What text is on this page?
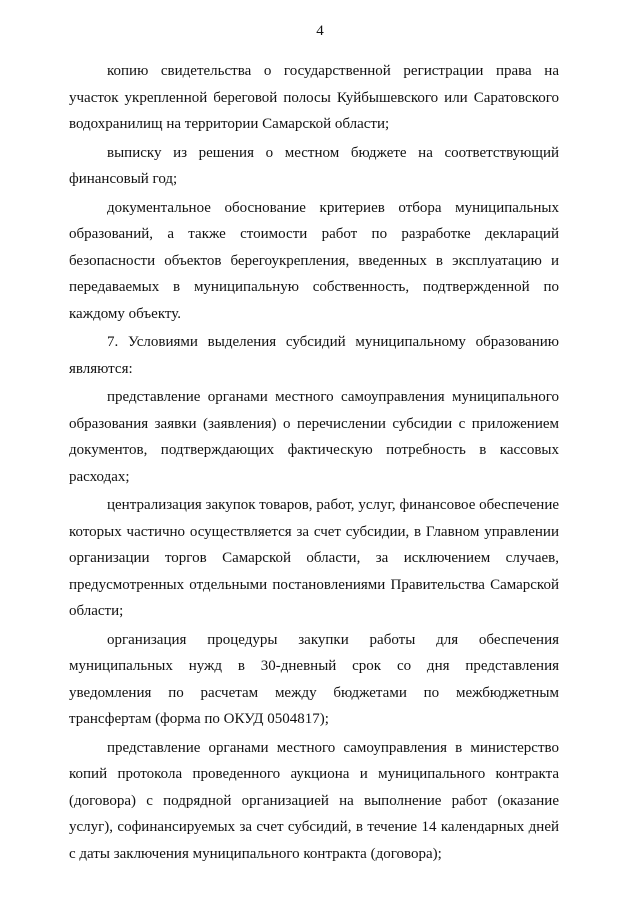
4

копию свидетельства о государственной регистрации права на участок укрепленной береговой полосы Куйбышевского или Саратовского водохранилищ на территории Самарской области;

выписку из решения о местном бюджете на соответствующий финансовый год;

документальное обоснование критериев отбора муниципальных образований, а также стоимости работ по разработке деклараций безопасности объектов берегоукрепления, введенных в эксплуатацию и передаваемых в муниципальную собственность, подтвержденной по каждому объекту.

7. Условиями выделения субсидий муниципальному образованию являются:

представление органами местного самоуправления муниципального образования заявки (заявления) о перечислении субсидии с приложением документов, подтверждающих фактическую потребность в кассовых расходах;

централизация закупок товаров, работ, услуг, финансовое обеспечение которых частично осуществляется за счет субсидии, в Главном управлении организации торгов Самарской области, за исключением случаев, предусмотренных отдельными постановлениями Правительства Самарской области;

организация процедуры закупки работы для обеспечения муниципальных нужд в 30-дневный срок со дня представления уведомления по расчетам между бюджетами по межбюджетным трансфертам (форма по ОКУД 0504817);

представление органами местного самоуправления в министерство копий протокола проведенного аукциона и муниципального контракта (договора) с подрядной организацией на выполнение работ (оказание услуг), софинансируемых за счет субсидий, в течение 14 календарных дней с даты заключения муниципального контракта (договора);
